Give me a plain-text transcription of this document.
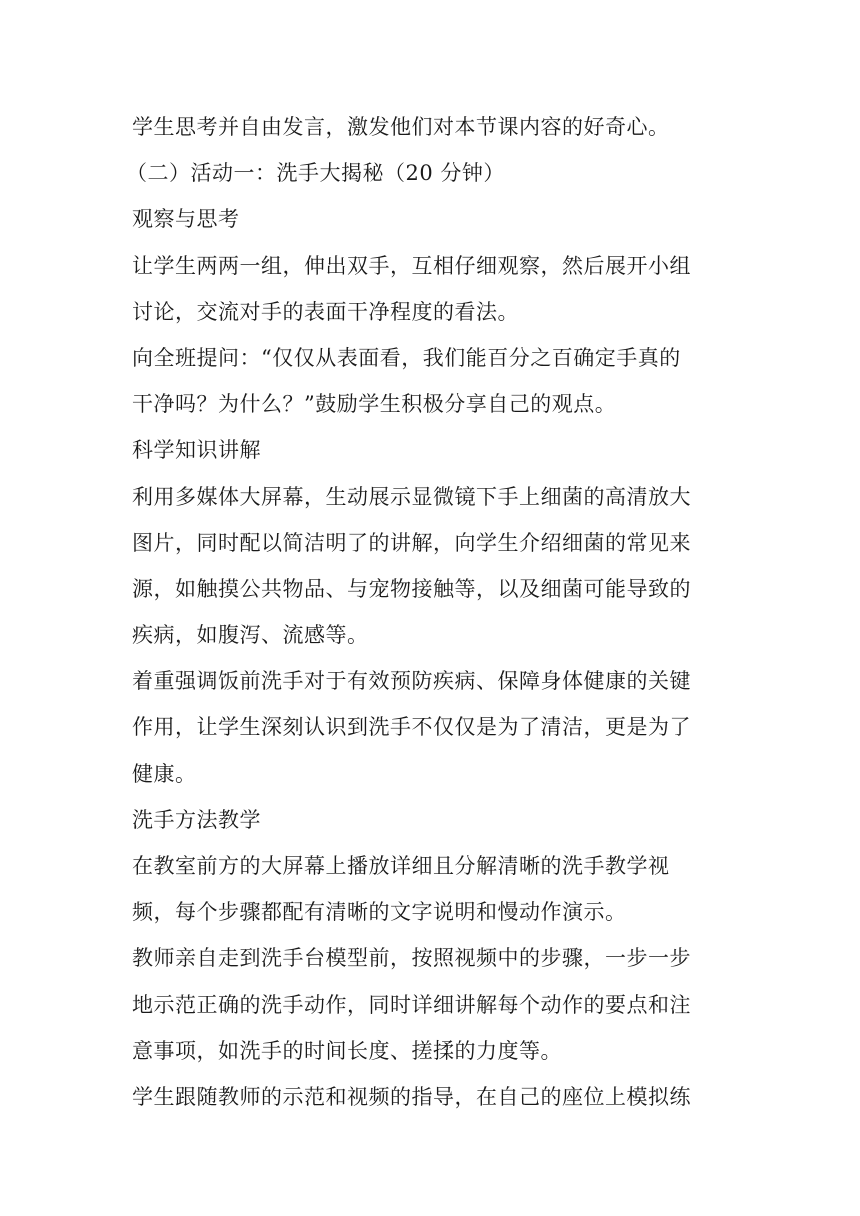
学生思考并自由发言，激发他们对本节课内容的好奇心。
（二）活动一：洗手大揭秘（20 分钟）
观察与思考
让学生两两一组，伸出双手，互相仔细观察，然后展开小组
讨论，交流对手的表面干净程度的看法。
向全班提问：“仅仅从表面看，我们能百分之百确定手真的
干净吗？为什么？”鼓励学生积极分享自己的观点。
科学知识讲解
利用多媒体大屏幕，生动展示显微镜下手上细菌的高清放大
图片，同时配以简洁明了的讲解，向学生介绍细菌的常见来
源，如触摸公共物品、与宠物接触等，以及细菌可能导致的
疾病，如腹泻、流感等。
着重强调饭前洗手对于有效预防疾病、保障身体健康的关键
作用，让学生深刻认识到洗手不仅仅是为了清洁，更是为了
健康。
洗手方法教学
在教室前方的大屏幕上播放详细且分解清晰的洗手教学视
频，每个步骤都配有清晰的文字说明和慢动作演示。
教师亲自走到洗手台模型前，按照视频中的步骤，一步一步
地示范正确的洗手动作，同时详细讲解每个动作的要点和注
意事项，如洗手的时间长度、搓揉的力度等。
学生跟随教师的示范和视频的指导，在自己的座位上模拟练
